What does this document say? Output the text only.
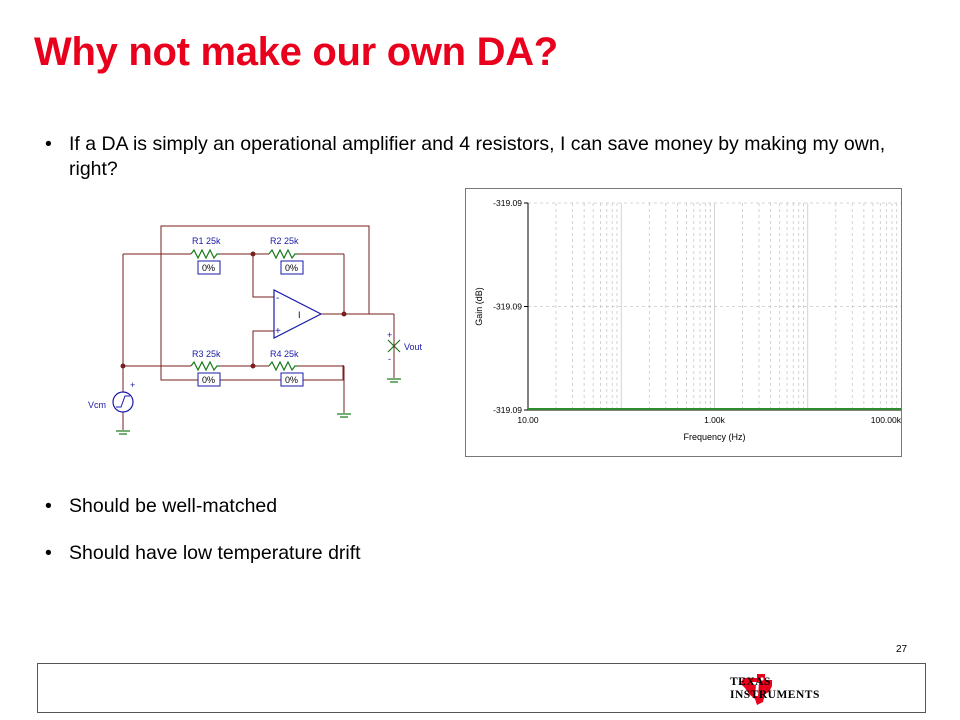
Why not make our own DA?
• If a DA is simply an operational amplifier and 4 resistors, I can save money by making my own, right?
R1 25k	R2 25k
R3 25k	R4 25k
0%	0%
0%	0%
-
+
I
+
-
Vout
+
Vcm
-319.09
-319.09
-319.09
10.00	1.00k	100.00k
Frequency (Hz)
Gain (dB)
• Should be well-matched
• Should have low temperature drift
27
TEXAS
INSTRUMENTS
